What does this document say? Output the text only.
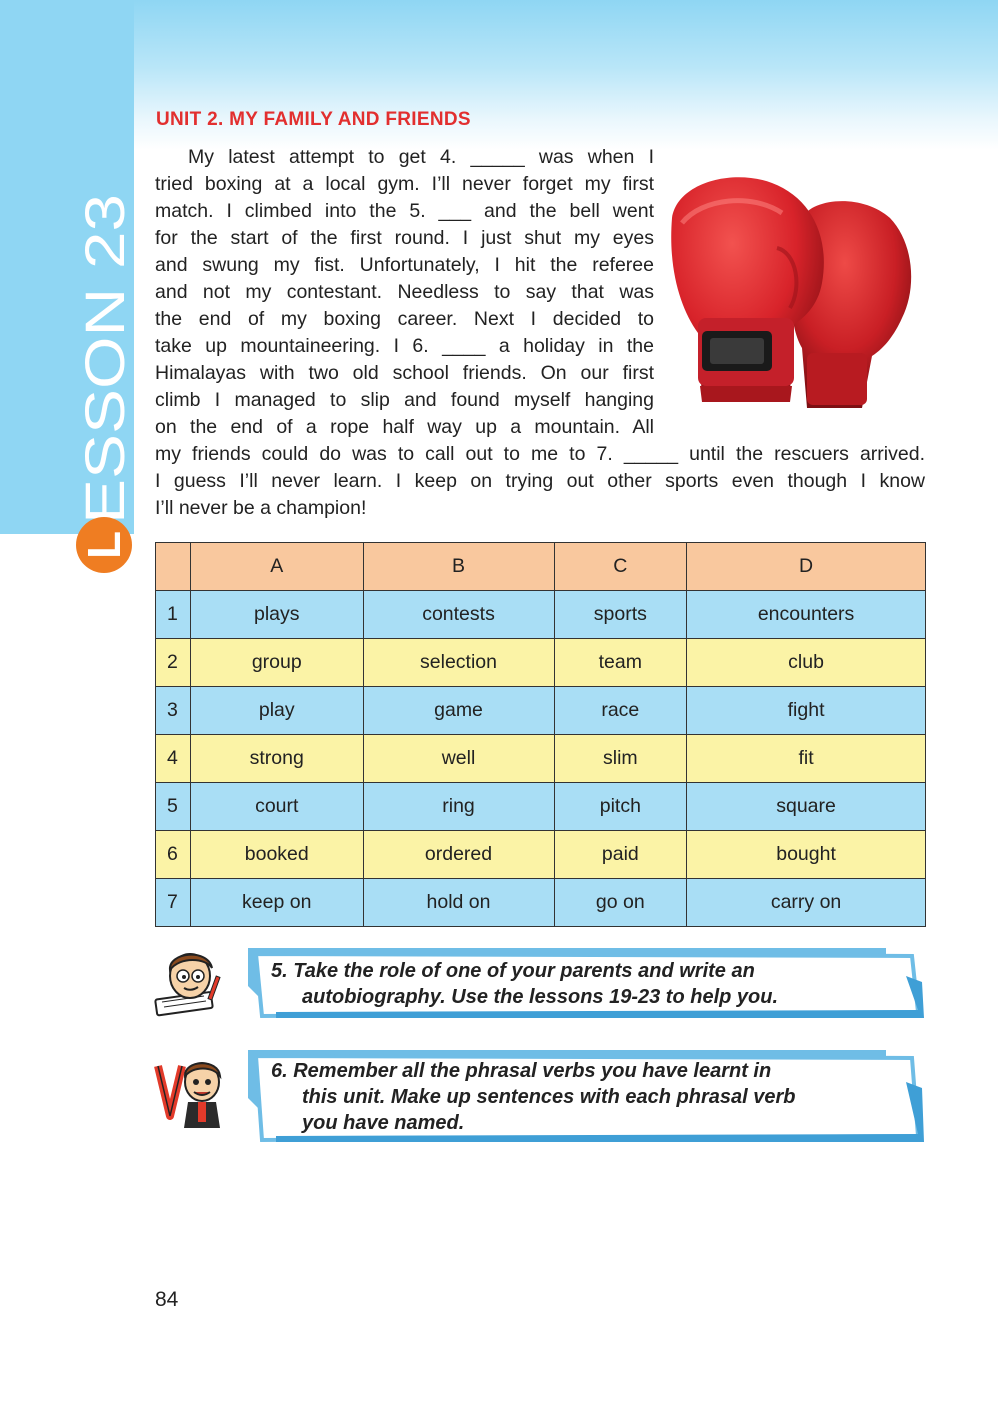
ESSON 23
L
UNIT 2. MY FAMILY AND FRIENDS
My latest attempt to get 4. _____ was when I
tried boxing at a local gym. I’ll never forget my first
match. I climbed into the 5. ___ and the bell went
for the start of the first round. I just shut my eyes
and swung my fist. Unfortunately, I hit the referee
and not my contestant. Needless to say that was
the end of my boxing career. Next I decided to
take up mountaineering. I 6. ____ a holiday in the
Himalayas with two old school friends. On our first
climb I managed to slip and found myself hanging
on the end of a rope half way up a mountain. All
my friends could do was to call out to me to 7. _____ until the rescuers arrived.
I guess I’ll never learn. I keep on trying out other sports even though I know
I’ll never be a champion!
	A	B	C	D
1	plays	contests	sports	encounters
2	group	selection	team	club
3	play	game	race	fight
4	strong	well	slim	fit
5	court	ring	pitch	square
6	booked	ordered	paid	bought
7	keep on	hold on	go on	carry on
5. Take the role of one of your parents and write an
autobiography. Use the lessons 19-23 to help you.
6. Remember all the phrasal verbs you have learnt in
this unit. Make up sentences with each phrasal verb
you have named.
84
